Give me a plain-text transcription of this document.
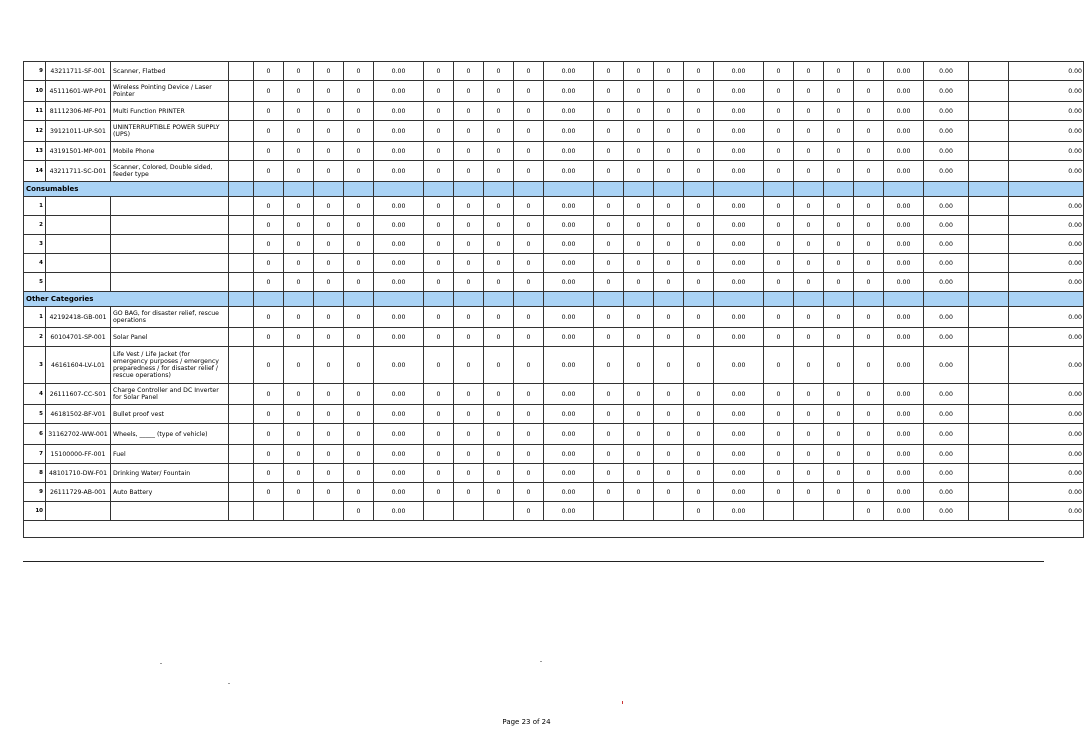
9	43211711-SF-001	Scanner, Flatbed		0	0	0	0	0.00	0	0	0	0	0.00	0	0	0	0	0.00	0	0	0	0	0.00	0.00		0.00
10	45111601-WP-P01	Wireless Pointing Device / Laser Pointer		0	0	0	0	0.00	0	0	0	0	0.00	0	0	0	0	0.00	0	0	0	0	0.00	0.00		0.00
11	81112306-MF-P01	Multi Function PRINTER		0	0	0	0	0.00	0	0	0	0	0.00	0	0	0	0	0.00	0	0	0	0	0.00	0.00		0.00
12	39121011-UP-S01	UNINTERRUPTIBLE POWER SUPPLY (UPS)		0	0	0	0	0.00	0	0	0	0	0.00	0	0	0	0	0.00	0	0	0	0	0.00	0.00		0.00
13	43191501-MP-001	Mobile Phone		0	0	0	0	0.00	0	0	0	0	0.00	0	0	0	0	0.00	0	0	0	0	0.00	0.00		0.00
14	43211711-SC-D01	Scanner, Colored, Double sided, feeder type		0	0	0	0	0.00	0	0	0	0	0.00	0	0	0	0	0.00	0	0	0	0	0.00	0.00		0.00
Consumables																										
1				0	0	0	0	0.00	0	0	0	0	0.00	0	0	0	0	0.00	0	0	0	0	0.00	0.00		0.00
2				0	0	0	0	0.00	0	0	0	0	0.00	0	0	0	0	0.00	0	0	0	0	0.00	0.00		0.00
3				0	0	0	0	0.00	0	0	0	0	0.00	0	0	0	0	0.00	0	0	0	0	0.00	0.00		0.00
4				0	0	0	0	0.00	0	0	0	0	0.00	0	0	0	0	0.00	0	0	0	0	0.00	0.00		0.00
5				0	0	0	0	0.00	0	0	0	0	0.00	0	0	0	0	0.00	0	0	0	0	0.00	0.00		0.00
Other Categories																										
1	42192418-GB-001	GO BAG, for disaster relief, rescue operations		0	0	0	0	0.00	0	0	0	0	0.00	0	0	0	0	0.00	0	0	0	0	0.00	0.00		0.00
2	60104701-SP-001	Solar Panel		0	0	0	0	0.00	0	0	0	0	0.00	0	0	0	0	0.00	0	0	0	0	0.00	0.00		0.00
3	46161604-LV-L01	Life Vest / Life Jacket (for emergency purposes / emergency preparedness / for disaster relief / rescue operations)		0	0	0	0	0.00	0	0	0	0	0.00	0	0	0	0	0.00	0	0	0	0	0.00	0.00		0.00
4	26111607-CC-S01	Charge Controller and DC Inverter for Solar Panel		0	0	0	0	0.00	0	0	0	0	0.00	0	0	0	0	0.00	0	0	0	0	0.00	0.00		0.00
5	46181502-BF-V01	Bullet proof vest		0	0	0	0	0.00	0	0	0	0	0.00	0	0	0	0	0.00	0	0	0	0	0.00	0.00		0.00
6	31162702-WW-001	Wheels, _____ (type of vehicle)		0	0	0	0	0.00	0	0	0	0	0.00	0	0	0	0	0.00	0	0	0	0	0.00	0.00		0.00
7	15100000-FF-001	Fuel		0	0	0	0	0.00	0	0	0	0	0.00	0	0	0	0	0.00	0	0	0	0	0.00	0.00		0.00
8	48101710-DW-F01	Drinking Water/ Fountain		0	0	0	0	0.00	0	0	0	0	0.00	0	0	0	0	0.00	0	0	0	0	0.00	0.00		0.00
9	26111729-AB-001	Auto Battery		0	0	0	0	0.00	0	0	0	0	0.00	0	0	0	0	0.00	0	0	0	0	0.00	0.00		0.00
10							0	0.00				0	0.00				0	0.00				0	0.00	0.00		0.00

Page 23 of 24
